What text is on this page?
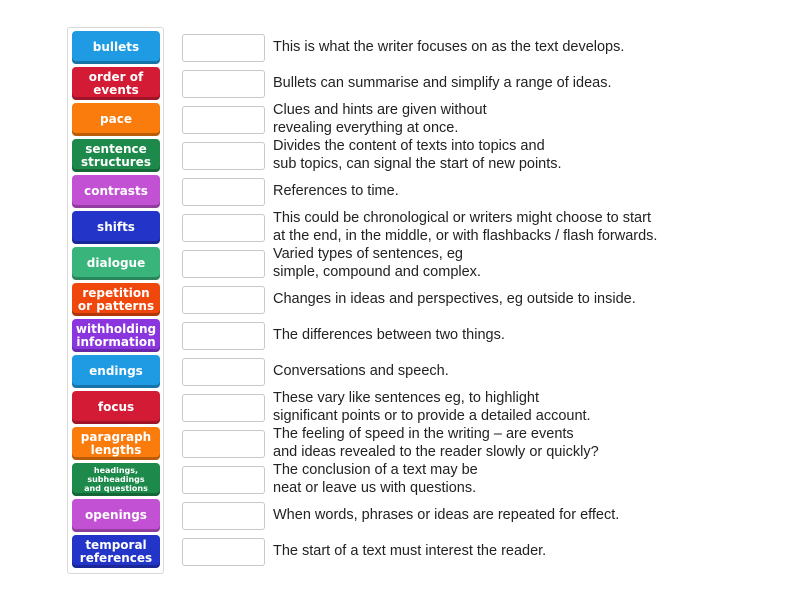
bullets
order of
events
pace
sentence
structures
contrasts
shifts
dialogue
repetition
or patterns
withholding
information
endings
focus
paragraph
lengths
headings,
subheadings
and questions
openings
temporal
references
This is what the writer focuses on as the text develops.
Bullets can summarise and simplify a range of ideas.
Clues and hints are given without
revealing everything at once.
Divides the content of texts into topics and
sub topics, can signal the start of new points.
References to time.
This could be chronological or writers might choose to start
at the end, in the middle, or with flashbacks / flash forwards.
Varied types of sentences, eg
simple, compound and complex.
Changes in ideas and perspectives, eg outside to inside.
The differences between two things.
Conversations and speech.
These vary like sentences eg, to highlight
significant points or to provide a detailed account.
The feeling of speed in the writing – are events
and ideas revealed to the reader slowly or quickly?
The conclusion of a text may be
neat or leave us with questions.
When words, phrases or ideas are repeated for effect.
The start of a text must interest the reader.
